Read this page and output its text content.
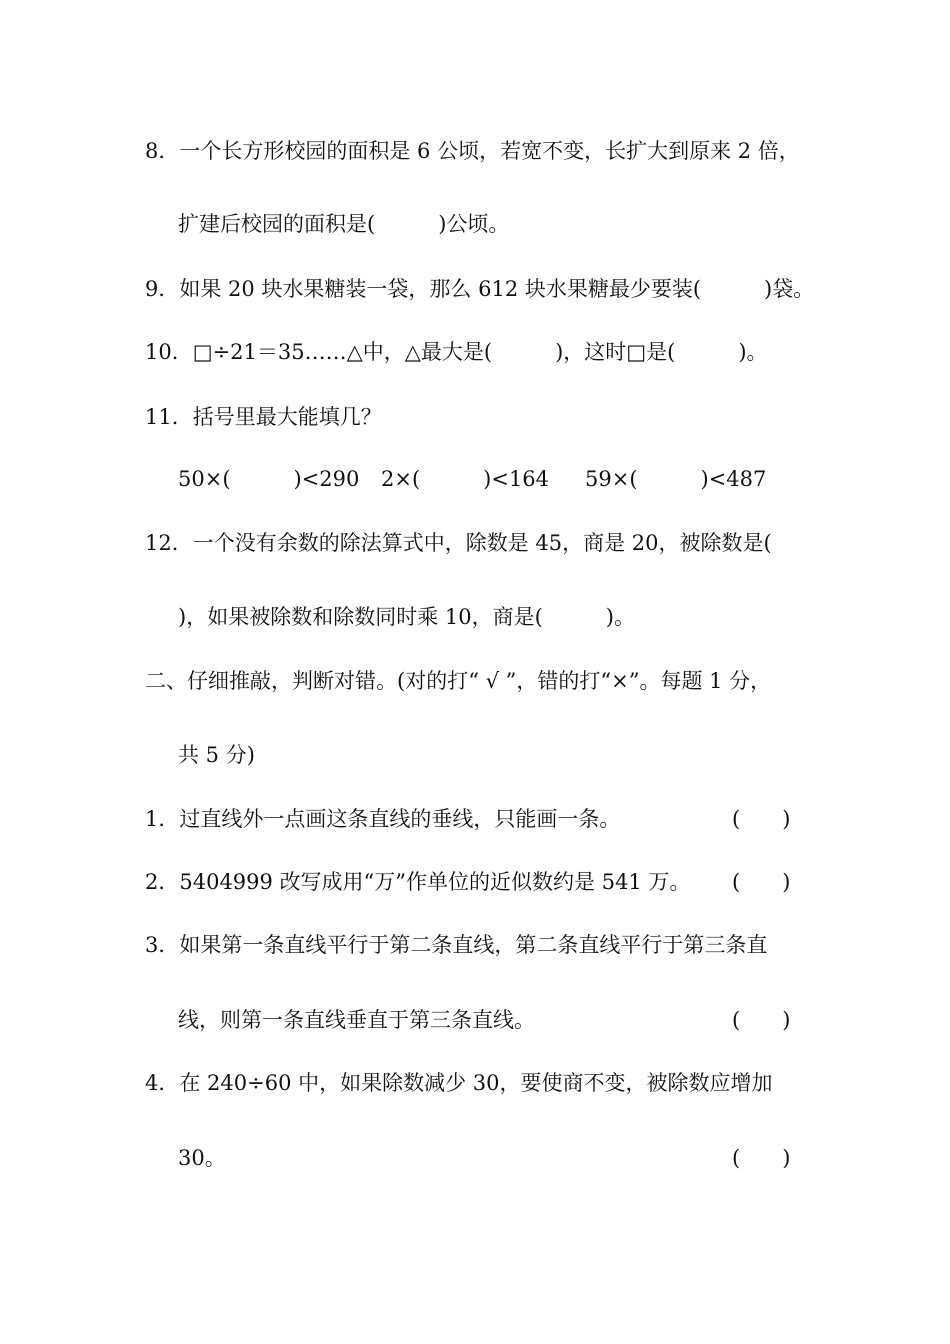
8．一个长方形校园的面积是 6 公顷，若宽不变，长扩大到原来 2 倍，
扩建后校园的面积是(　　　)公顷。
9．如果 20 块水果糖装一袋，那么 612 块水果糖最少要装(　　　)袋。
10．□÷21＝35……△中，△最大是(　　　)，这时□是(　　　)。
11．括号里最大能填几？
50×(　　　)<290 2×(　　　)<164 59×(　　　)<487
12．一个没有余数的除法算式中，除数是 45，商是 20，被除数是(
)，如果被除数和除数同时乘 10，商是(　　　)。
二、仔细推敲，判断对错。(对的打“ √ ”，错的打“×”。每题 1 分，
共 5 分)
1．过直线外一点画这条直线的垂线，只能画一条。	(　　)
2．5404999 改写成用“万”作单位的近似数约是 541 万。 (　　)
3．如果第一条直线平行于第二条直线，第二条直线平行于第三条直
线，则第一条直线垂直于第三条直线。	(　　)
4．在 240÷60 中，如果除数减少 30，要使商不变，被除数应增加
30。	(　　)
